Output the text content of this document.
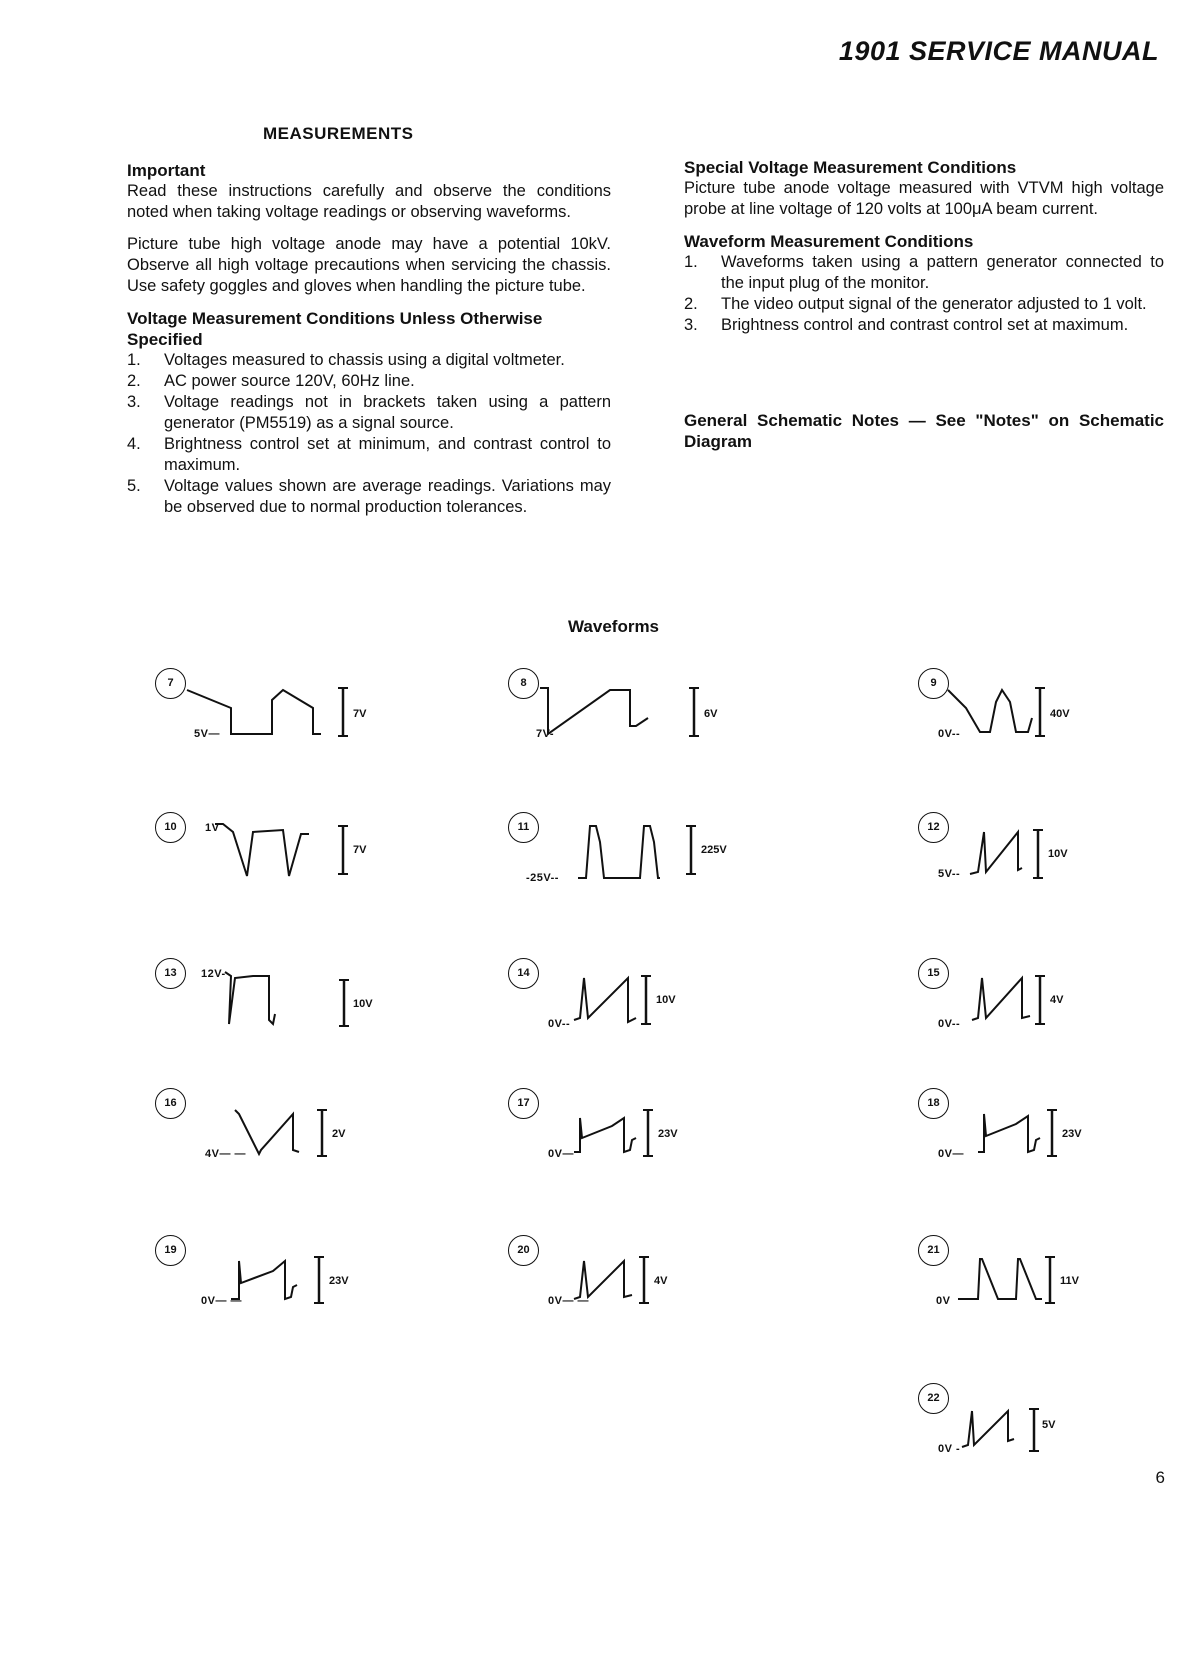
1901 SERVICE MANUAL
MEASUREMENTS
Important

Read these instructions carefully and observe the conditions noted when taking voltage readings or observing waveforms.

Picture tube high voltage anode may have a potential 10kV. Observe all high voltage precautions when servicing the chassis. Use safety goggles and gloves when handling the picture tube.

Voltage Measurement Conditions Unless Otherwise Specified
1. Voltages measured to chassis using a digital voltmeter.
2. AC power source 120V, 60Hz line.
3. Voltage readings not in brackets taken using a pattern generator (PM5519) as a signal source.
4. Brightness control set at minimum, and contrast control to maximum.
5. Voltage values shown are average readings. Variations may be observed due to normal production tolerances.
Special Voltage Measurement Conditions

Picture tube anode voltage measured with VTVM high voltage probe at line voltage of 120 volts at 100μA beam current.

Waveform Measurement Conditions
1. Waveforms taken using a pattern generator connected to the input plug of the monitor.
2. The video output signal of the generator adjusted to 1 volt.
3. Brightness control and contrast control set at maximum.
General Schematic Notes — See "Notes" on Schematic Diagram
Waveforms
7
5V—
7V
8
7V-
6V
9
0V--
40V
10	1V
7V
11
-25V--
225V
12
5V--
10V
13	12V-
10V
14
0V--
10V
15
0V--
4V
16
4V— —
2V
17
0V—
23V
18
0V—
23V
19
0V— —
23V
20
0V— —
4V
21
0V
11V
22
0V -
5V
6
